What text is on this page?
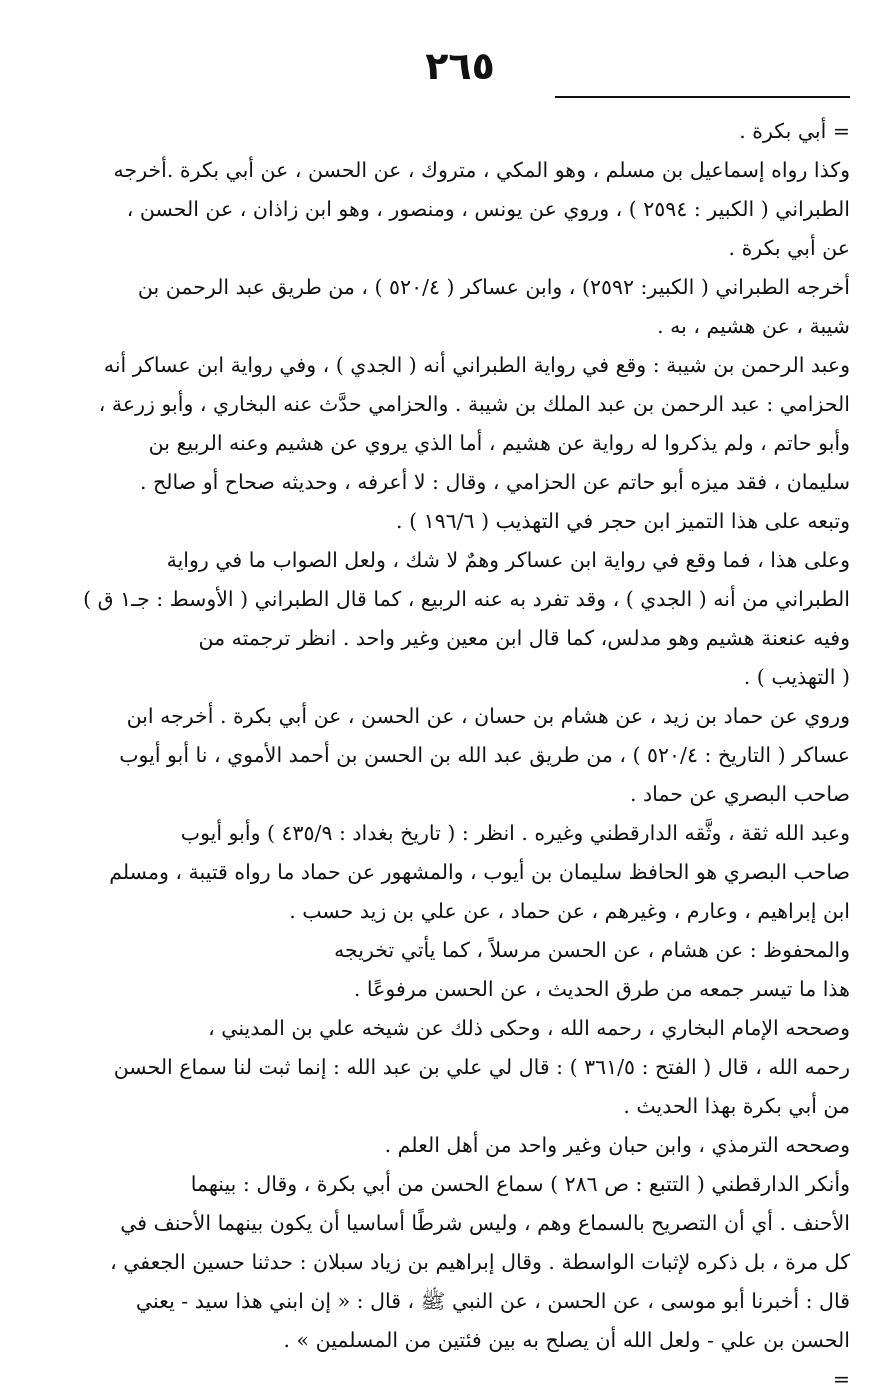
٢٦٥
= أبي بكرة .
وكذا رواه إسماعيل بن مسلم ، وهو المكي ، متروك ، عن الحسن ، عن أبي بكرة .أخرجه
الطبراني ( الكبير : ٢٥٩٤ ) ، وروي عن يونس ، ومنصور ، وهو ابن زاذان ، عن الحسن ،
عن أبي بكرة .
أخرجه الطبراني ( الكبير: ٢٥٩٢) ، وابن عساكر ( ٥٢٠/٤ ) ، من طريق عبد الرحمن بن
شيبة ، عن هشيم ، به .
وعبد الرحمن بن شيبة : وقع في رواية الطبراني أنه ( الجدي ) ، وفي رواية ابن عساكر أنه
الحزامي : عبد الرحمن بن عبد الملك بن شيبة . والحزامي حدَّث عنه البخاري ، وأبو زرعة ،
وأبو حاتم ، ولم يذكروا له رواية عن هشيم ، أما الذي يروي عن هشيم وعنه الربيع بن
سليمان ، فقد ميزه أبو حاتم عن الحزامي ، وقال : لا أعرفه ، وحديثه صحاح أو صالح .
وتبعه على هذا التميز ابن حجر في التهذيب ( ١٩٦/٦ ) .
وعلى هذا ، فما وقع في رواية ابن عساكر وهمٌ لا شك ، ولعل الصواب ما في رواية
الطبراني من أنه ( الجدي ) ، وقد تفرد به عنه الربيع ، كما قال الطبراني ( الأوسط : جـ١ ق )
وفيه عنعنة هشيم وهو مدلس، كما قال ابن معين وغير واحد . انظر ترجمته من
( التهذيب ) .
وروي عن حماد بن زيد ، عن هشام بن حسان ، عن الحسن ، عن أبي بكرة . أخرجه ابن
عساكر ( التاريخ : ٥٢٠/٤ ) ، من طريق عبد الله بن الحسن بن أحمد الأموي ، نا أبو أيوب
صاحب البصري عن حماد .
وعبد الله ثقة ، وثَّقه الدارقطني وغيره . انظر : ( تاريخ بغداد : ٤٣٥/٩ ) وأبو أيوب
صاحب البصري هو الحافظ سليمان بن أيوب ، والمشهور عن حماد ما رواه قتيبة ، ومسلم
ابن إبراهيم ، وعارم ، وغيرهم ، عن حماد ، عن علي بن زيد حسب .
والمحفوظ : عن هشام ، عن الحسن مرسلاً ، كما يأتي تخريجه
هذا ما تيسر جمعه من طرق الحديث ، عن الحسن مرفوعًا .
وصححه الإمام البخاري ، رحمه الله ، وحكى ذلك عن شيخه علي بن المديني ،
رحمه الله ، قال ( الفتح : ٣٦١/٥ ) : قال لي علي بن عبد الله : إنما ثبت لنا سماع الحسن
من أبي بكرة بهذا الحديث .
وصححه الترمذي ، وابن حبان وغير واحد من أهل العلم .
وأنكر الدارقطني ( التتبع : ص ٢٨٦ ) سماع الحسن من أبي بكرة ، وقال : بينهما
الأحنف . أي أن التصريح بالسماع وهم ، وليس شرطًا أساسيا أن يكون بينهما الأحنف في
كل مرة ، بل ذكره لإثبات الواسطة . وقال إبراهيم بن زياد سبلان : حدثنا حسين الجعفي ،
قال : أخبرنا أبو موسى ، عن الحسن ، عن النبي ﷺ ، قال : « إن ابني هذا سيد - يعني
الحسن بن علي - ولعل الله أن يصلح به بين فئتين من المسلمين » .
=
